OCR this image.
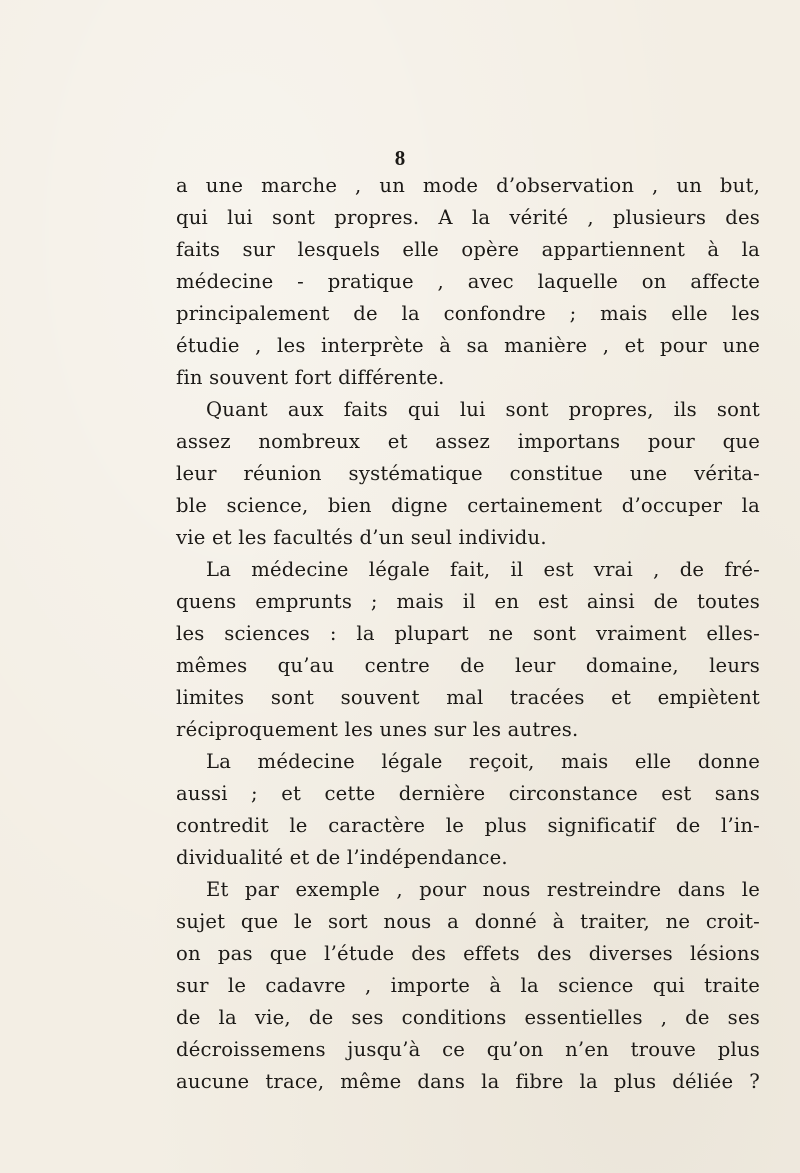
8
a une marche , un mode d’observation , un but,
qui lui sont propres. A la vérité , plusieurs des
faits sur lesquels elle opère appartiennent à la
médecine - pratique , avec laquelle on affecte
principalement de la confondre ; mais elle les
étudie , les interprète à sa manière , et pour une
fin souvent fort différente.
Quant aux faits qui lui sont propres, ils sont
assez nombreux et assez importans pour que
leur réunion systématique constitue une vérita-
ble science, bien digne certainement d’occuper la
vie et les facultés d’un seul individu.
La médecine légale fait, il est vrai , de fré-
quens emprunts ; mais il en est ainsi de toutes
les sciences : la plupart ne sont vraiment elles-
mêmes qu’au centre de leur domaine, leurs
limites sont souvent mal tracées et empiètent
réciproquement les unes sur les autres.
La médecine légale reçoit, mais elle donne
aussi ; et cette dernière circonstance est sans
contredit le caractère le plus significatif de l’in-
dividualité et de l’indépendance.
Et par exemple , pour nous restreindre dans le
sujet que le sort nous a donné à traiter, ne croit-
on pas que l’étude des effets des diverses lésions
sur le cadavre , importe à la science qui traite
de la vie, de ses conditions essentielles , de ses
décroissemens jusqu’à ce qu’on n’en trouve plus
aucune trace, même dans la fibre la plus déliée ?
